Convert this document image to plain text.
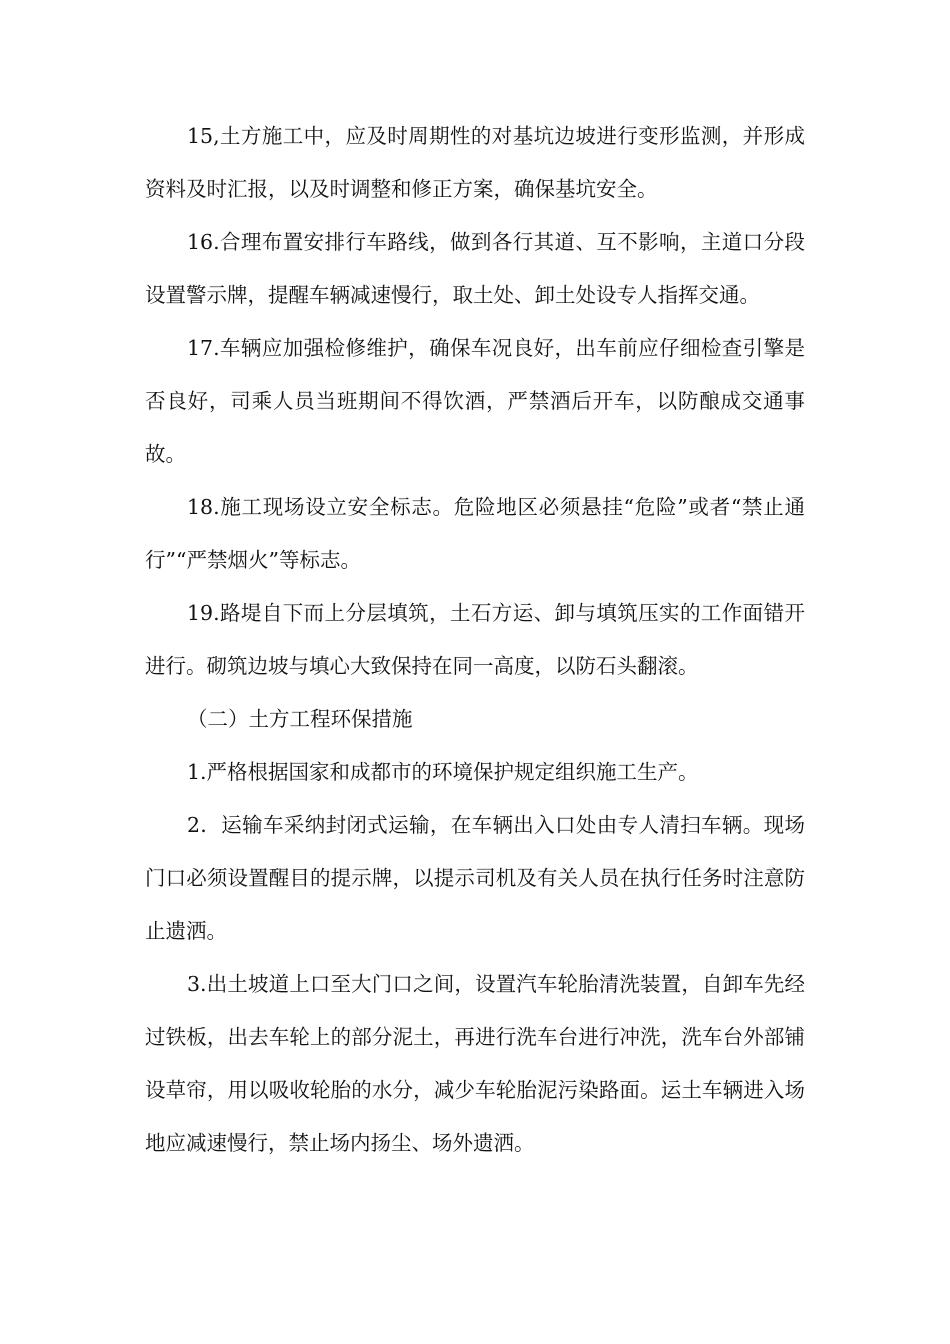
15,土方施工中，应及时周期性的对基坑边坡进行变形监测，并形成资料及时汇报，以及时调整和修正方案，确保基坑安全。

16.合理布置安排行车路线，做到各行其道、互不影响，主道口分段设置警示牌，提醒车辆减速慢行，取土处、卸土处设专人指挥交通。

17.车辆应加强检修维护，确保车况良好，出车前应仔细检查引擎是否良好，司乘人员当班期间不得饮酒，严禁酒后开车，以防酿成交通事故。

18.施工现场设立安全标志。危险地区必须悬挂“危险”或者“禁止通行”“严禁烟火”等标志。

19.路堤自下而上分层填筑，土石方运、卸与填筑压实的工作面错开进行。砌筑边坡与填心大致保持在同一高度，以防石头翻滚。

（二）土方工程环保措施

1.严格根据国家和成都市的环境保护规定组织施工生产。

2．运输车采纳封闭式运输，在车辆出入口处由专人清扫车辆。现场门口必须设置醒目的提示牌，以提示司机及有关人员在执行任务时注意防止遗洒。

3.出土坡道上口至大门口之间，设置汽车轮胎清洗装置，自卸车先经过铁板，出去车轮上的部分泥土，再进行洗车台进行冲洗，洗车台外部铺设草帘，用以吸收轮胎的水分，减少车轮胎泥污染路面。运土车辆进入场地应减速慢行，禁止场内扬尘、场外遗洒。
